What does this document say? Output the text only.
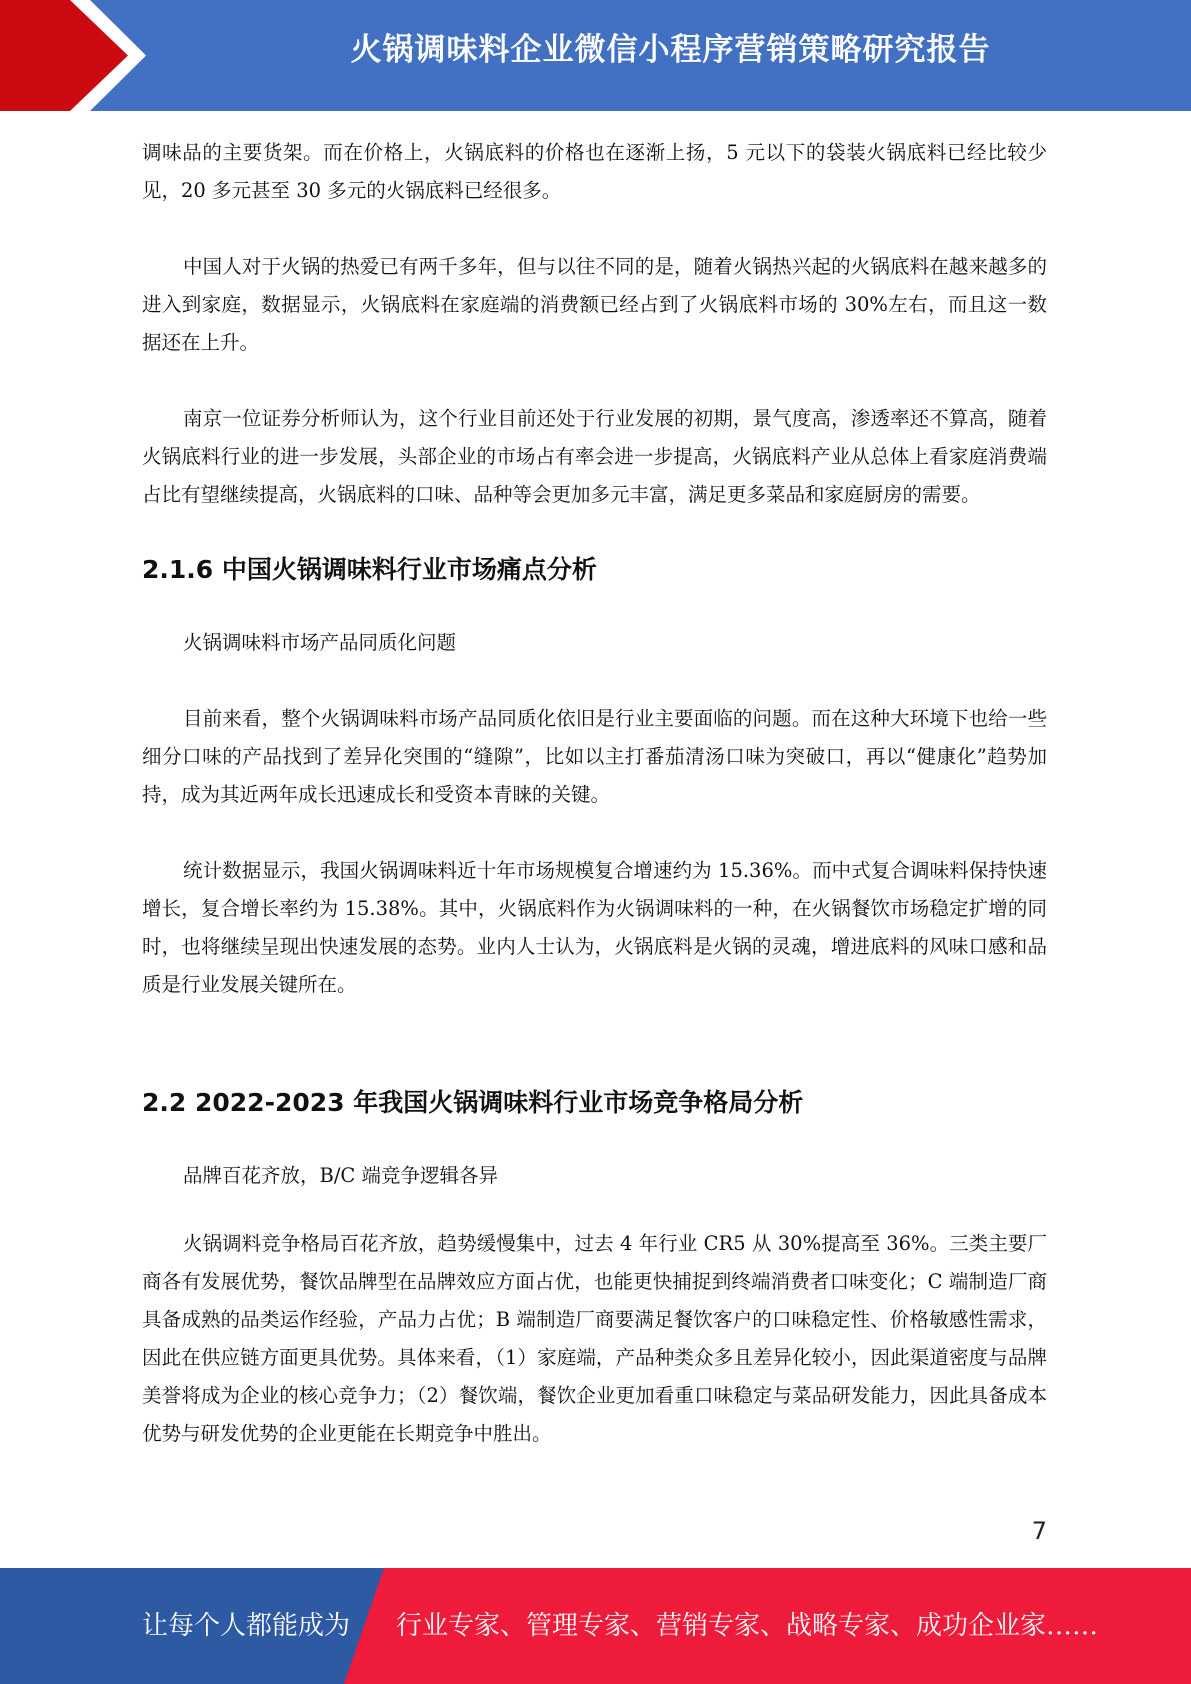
火锅调味料企业微信小程序营销策略研究报告

调味品的主要货架。而在价格上，火锅底料的价格也在逐渐上扬，5 元以下的袋装火锅底料已经比较少见，20 多元甚至 30 多元的火锅底料已经很多。

中国人对于火锅的热爱已有两千多年，但与以往不同的是，随着火锅热兴起的火锅底料在越来越多的进入到家庭，数据显示，火锅底料在家庭端的消费额已经占到了火锅底料市场的 30%左右，而且这一数据还在上升。

南京一位证券分析师认为，这个行业目前还处于行业发展的初期，景气度高，渗透率还不算高，随着火锅底料行业的进一步发展，头部企业的市场占有率会进一步提高，火锅底料产业从总体上看家庭消费端占比有望继续提高，火锅底料的口味、品种等会更加多元丰富，满足更多菜品和家庭厨房的需要。

2.1.6 中国火锅调味料行业市场痛点分析

火锅调味料市场产品同质化问题

目前来看，整个火锅调味料市场产品同质化依旧是行业主要面临的问题。而在这种大环境下也给一些细分口味的产品找到了差异化突围的“缝隙”，比如以主打番茄清汤口味为突破口，再以“健康化”趋势加持，成为其近两年成长迅速成长和受资本青睐的关键。

统计数据显示，我国火锅调味料近十年市场规模复合增速约为 15.36%。而中式复合调味料保持快速增长，复合增长率约为 15.38%。其中，火锅底料作为火锅调味料的一种，在火锅餐饮市场稳定扩增的同时，也将继续呈现出快速发展的态势。业内人士认为，火锅底料是火锅的灵魂，增进底料的风味口感和品质是行业发展关键所在。

2.2 2022-2023 年我国火锅调味料行业市场竞争格局分析

品牌百花齐放，B/C 端竞争逻辑各异

火锅调料竞争格局百花齐放，趋势缓慢集中，过去 4 年行业 CR5 从 30%提高至 36%。三类主要厂商各有发展优势，餐饮品牌型在品牌效应方面占优，也能更快捕捉到终端消费者口味变化；C 端制造厂商具备成熟的品类运作经验，产品力占优；B 端制造厂商要满足餐饮客户的口味稳定性、价格敏感性需求，因此在供应链方面更具优势。具体来看，（1）家庭端，产品种类众多且差异化较小，因此渠道密度与品牌美誉将成为企业的核心竞争力；（2）餐饮端，餐饮企业更加看重口味稳定与菜品研发能力，因此具备成本优势与研发优势的企业更能在长期竞争中胜出。

7
让每个人都能成为 行业专家、管理专家、营销专家、战略专家、成功企业家……
